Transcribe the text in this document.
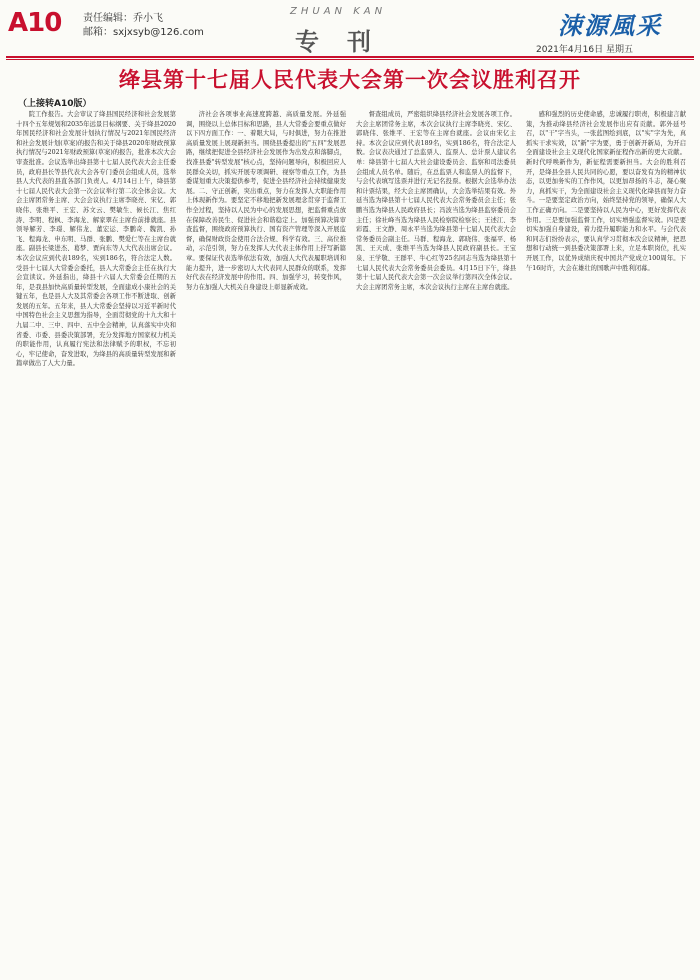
A10 责任编辑：乔小飞
邮箱：sxjxsyb@126.com
ZHUAN KAN
专刊
涑源風采
2021年4月16日 星期五
绛县第十七届人民代表大会第一次会议胜利召开
（上接转A10版）

院工作报告。大会审议了绛县国民经济和社会发展第十四个五年规划和2035年远景目标纲要、关于绛县2020年国民经济和社会发展计划执行情况与2021年国民经济和社会发展计划(草案)的报告和关于绛县2020年财政预算执行情况与2021年财政预算(草案)的报告，批准本次大会审查批准。会议选举出绛县第十七届人民代表大会主任委员，政府县长等县代表大会各专门委员会组成人员，选举县人大代表的县直各部门负责人。4月14日上午，绛县第十七届人民代表大会第一次会议举行第二次全体会议。大会主席团常务主席、大会会议执行主席李晓亮、宋亿、郭晓伟、张维平、王宏、苏文云、樊敏生、候长江、焦红涛、李明、程枫、李海龙、解家翠在主席台前排就座。县领导解芳、李璟、解伟龙、董宏运、李鹏奇、魏凯、孙飞、程海龙、申东明、马群、张鹏、樊爱仁等在主席台就座。副县长梁进杰、葛梦、贾向东等人大代表出席会议。本次会议应到代表189名，实到186名，符合法定人数。受县十七届人大常委会委托，县人大常委会主任在执行大会宣读议。外延指出，绛县十六届人大常委会任期的五年，是我县加快高质量转型发展，全面建成小康社会的关键五年，也是县人大及其常委会各项工作不断进取、创新发展的五年。五年来，县人大常委会坚持以习近平新时代中国特色社会主义思想为指导，全面贯彻党的十九大和十九届二中、三中、四中、五中全会精神，认真落实中央和省委、市委、县委决策部署，充分发挥地方国家权力机关的职能作用，认真履行宪法和法律赋予的职权，不忘初心，牢记使命，奋发进取，为绛县的高质量转型发展和新篇章做出了人大力量。

济社会各项事业高速度跨越、高质量发展。外延强调，围绕以上总体目标和思路，县人大常委会要重点做好以下四方面工作：一、着眼大局，与时俱进，努力在推进高质量发展上展现新担当。围绕县委提出的"五四"发展思路，继续把促进全县经济社会发展作为出发点和落脚点，找准县委"转型发展"核心点，坚持问题导向，积极回应人民群众关切，抓实开展专项调研、视察等重点工作，为县委谋划重大决策提供参考，促进全县经济社会持续健康发展。二、守正创新，突出重点，努力在发挥人大职能作用上体现新作为。要坚定不移地把新发展理念贯穿于监督工作全过程，坚持以人民为中心的发展思想，把监督重点放在保障改善民生、促进社会和谐稳定上。加强预算决算审查监督，围绕政府预算执行、国有资产管理等深入开展监督，确保财政资金使用合法合规、科学有效。三、高位推动，示范引领，努力在发挥人大代表主体作用上抒写新篇章。要保证代表选举依法有效，加强人大代表履职培训和能力提升，进一步密切人大代表同人民群众的联系，发挥好代表在经济发展中的作用。四、加强学习，转变作风，努力在加强人大机关自身建设上彰显新成效。

督查组成员，严密组织绛县经济社会发展各项工作。大会主席团常务主席，本次会议执行主席李晓亮、宋亿、郭晓伟、张维平、王宏等在主席台就座。会议由宋亿主持。本次会议应到代表189名，实到186名，符合法定人数。会议表决通过了总监票人、监票人、总计票人建议名单：绛县第十七届人大社会建设委员会、监察和司法委员会组成人员名单。随后，在总监票人和监票人的监督下，与会代表填写选票并进行无记名投票。根据大会选举办法和计票结果，经大会主席团确认，大会选举结果有效。外延当选为绛县第十七届人民代表大会常务委员会主任；张鹏当选为绛县人民政府县长；冯波当选为绛县监察委员会主任；徐社峰当选为绛县人民检察院检察长；王述江、李彩霞、王文静、周永平当选为绛县第十七届人民代表大会常务委员会副主任。马群、程海龙、郭晓伟、张福平、杨凯、王天成、张维平当选为绛县人民政府副县长。王宝泉、王学敬、王群平、牛心红等25名同志当选为绛县第十七届人民代表大会常务委员会委员。4月15日下午，绛县第十七届人民代表大会第一次会议举行第四次全体会议。大会主席团常务主席，本次会议执行主席在主席台就座。

感和强烈的历史使命感，忠诚履行职责，积极建言献策，为推动绛县经济社会发展作出应有贡献。郭外延号召，以"干"字当头，一张蓝图绘到底，以"实"字为先，真抓实干求实效，以"新"字为要，勇于创新开新局，为开启全面建设社会主义现代化国家新征程作出新的更大贡献。新时代呼唤新作为，新征程需要新担当。大会的胜利召开，是绛县全县人民共同的心愿，要以奋发有为的精神状态，以更加务实的工作作风，以更加昂扬的斗志，凝心聚力，真抓实干，为全面建设社会主义现代化绛县而努力奋斗。一是要坚定政治方向，始终坚持党的领导，确保人大工作正确方向。二是要坚持以人民为中心，更好发挥代表作用。三是要加强监督工作，切实增强监督实效。四是要切实加强自身建设，着力提升履职能力和水平。与会代表和同志们纷纷表示，要认真学习贯彻本次会议精神，把思想和行动统一到县委决策部署上来，立足本职岗位，扎实开展工作，以优异成绩庆祝中国共产党成立100周年。下午16时许，大会在雄壮的国歌声中胜利闭幕。
